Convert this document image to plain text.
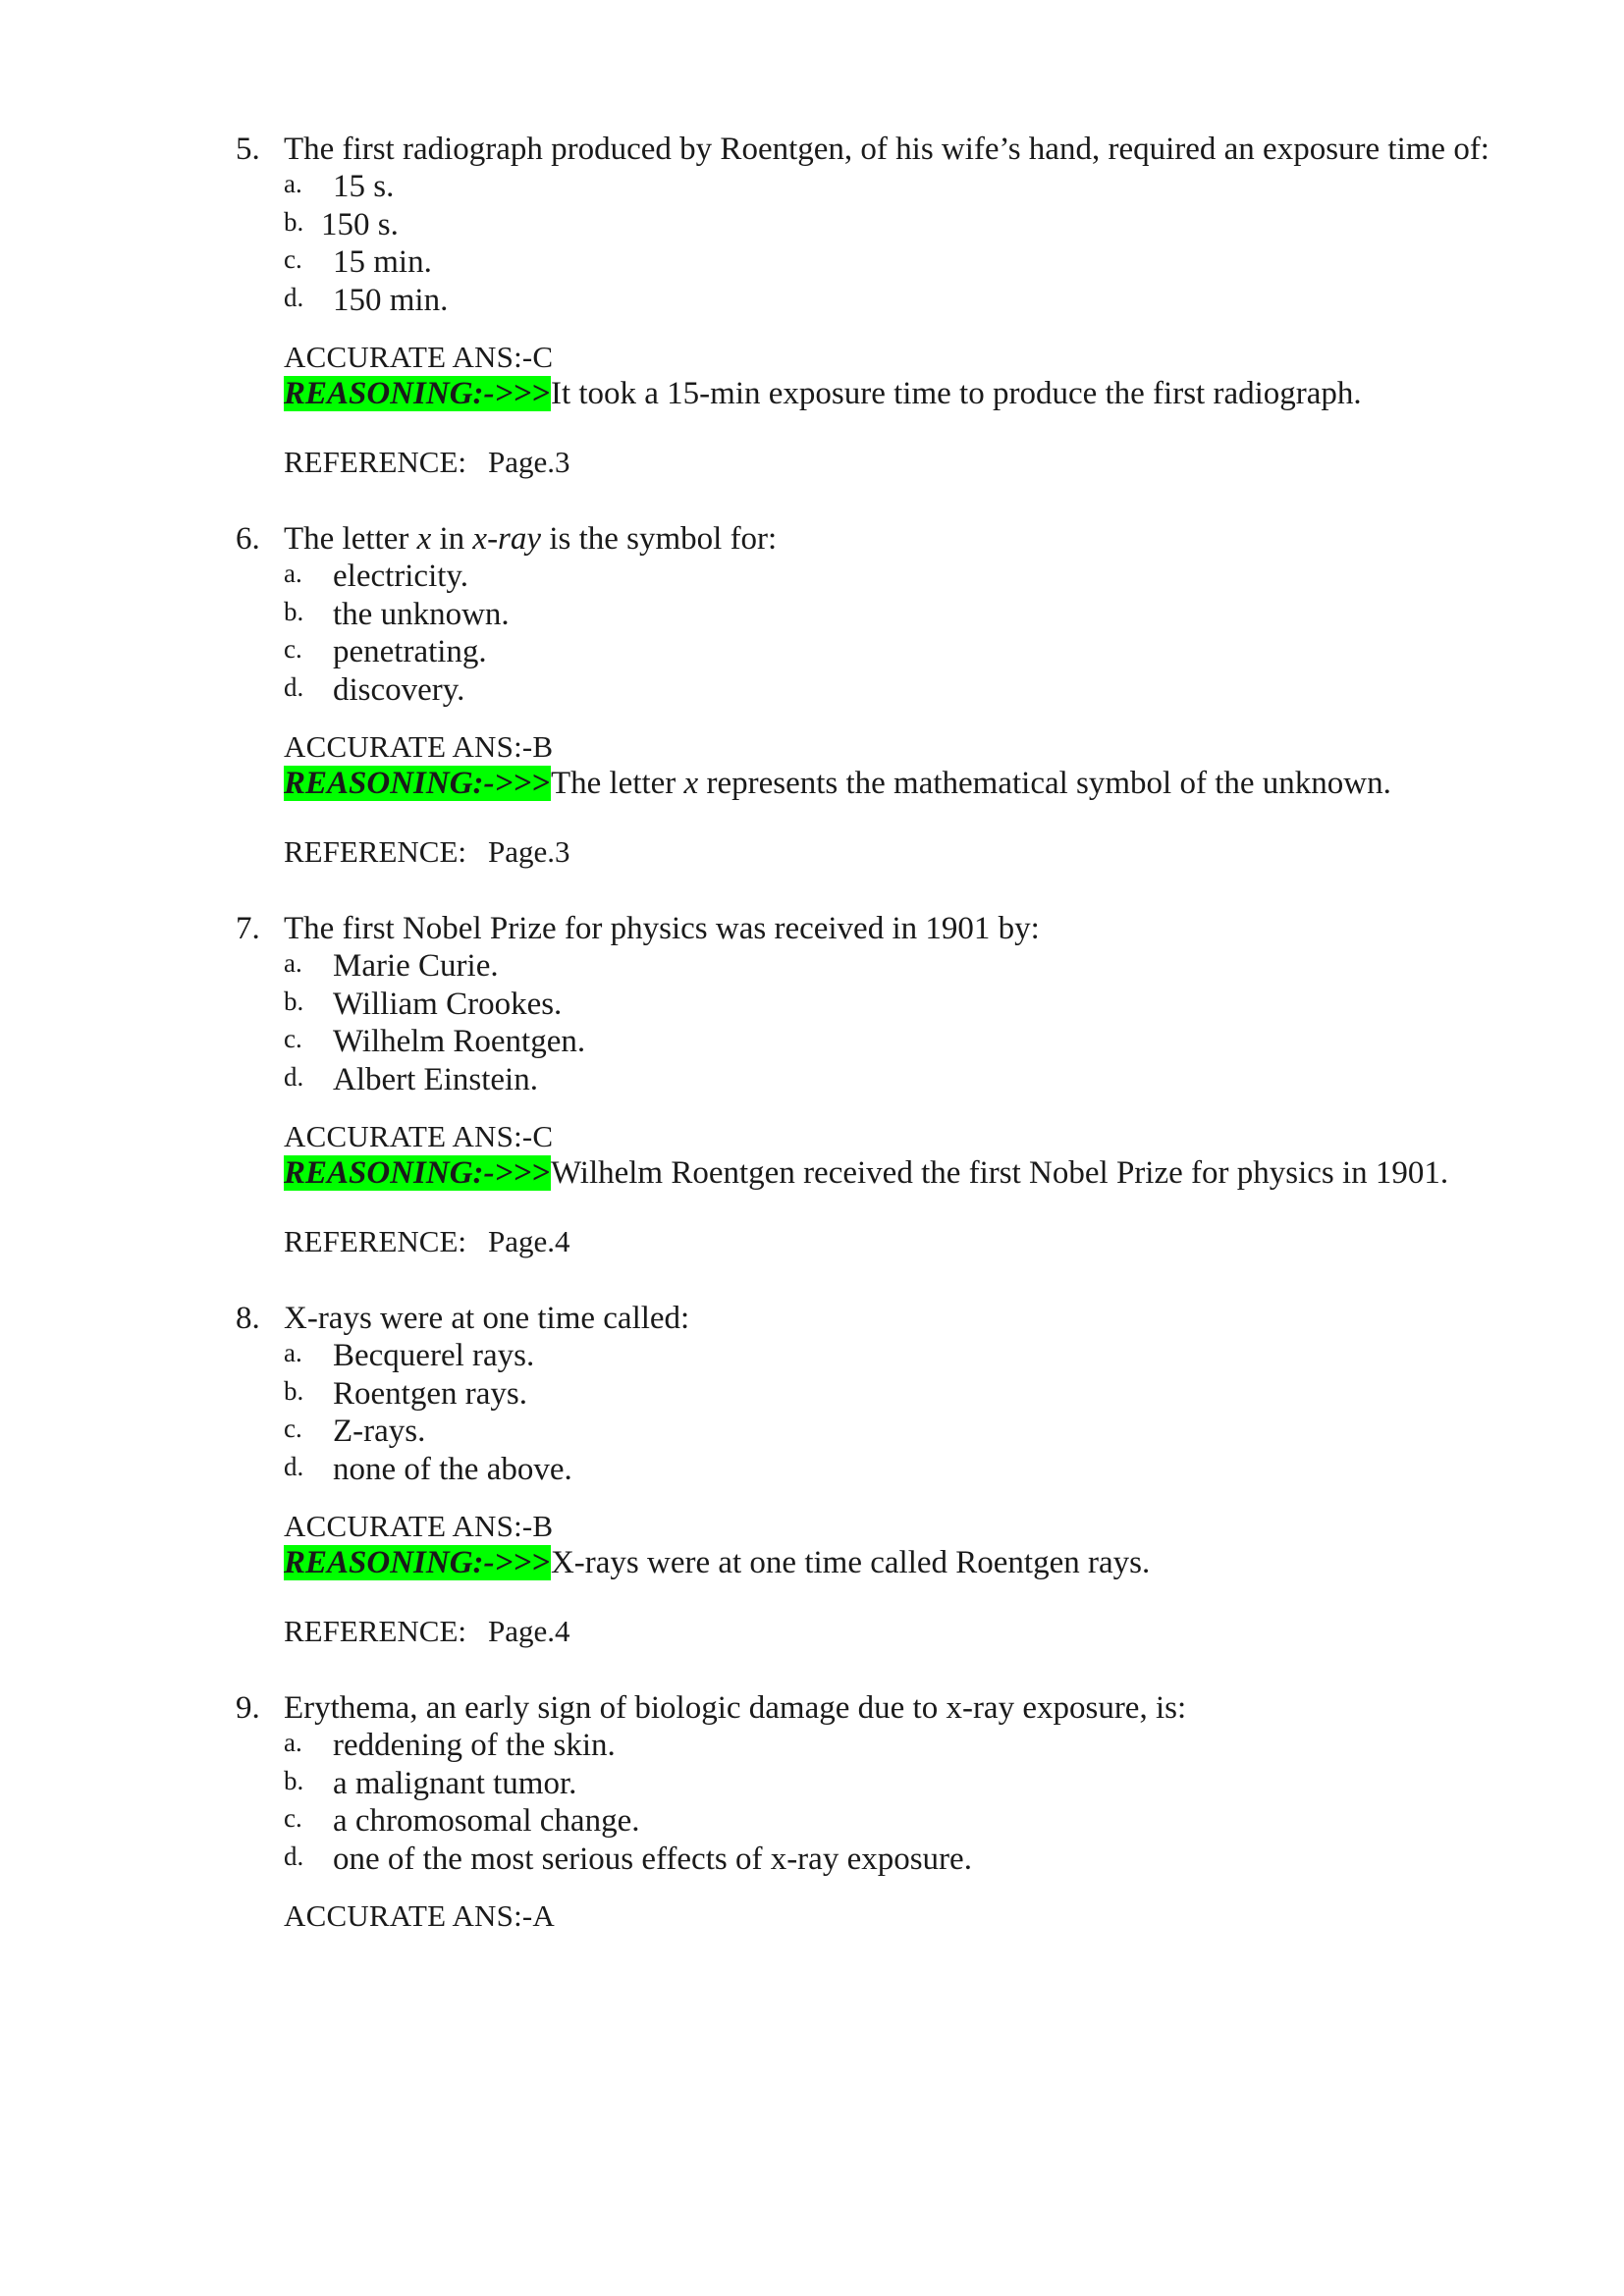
5. The first radiograph produced by Roentgen, of his wife’s hand, required an exposure time of:
a. 15 s.
b. 150 s.
c. 15 min.
d. 150 min.
ACCURATE ANS:-C
REASONING:->>>It took a 15-min exposure time to produce the first radiograph.
REFERENCE: Page.3
6. The letter x in x-ray is the symbol for:
a. electricity.
b. the unknown.
c. penetrating.
d. discovery.
ACCURATE ANS:-B
REASONING:->>>The letter x represents the mathematical symbol of the unknown.
REFERENCE: Page.3
7. The first Nobel Prize for physics was received in 1901 by:
a. Marie Curie.
b. William Crookes.
c. Wilhelm Roentgen.
d. Albert Einstein.
ACCURATE ANS:-C
REASONING:->>>Wilhelm Roentgen received the first Nobel Prize for physics in 1901.
REFERENCE: Page.4
8. X-rays were at one time called:
a. Becquerel rays.
b. Roentgen rays.
c. Z-rays.
d. none of the above.
ACCURATE ANS:-B
REASONING:->>>X-rays were at one time called Roentgen rays.
REFERENCE: Page.4
9. Erythema, an early sign of biologic damage due to x-ray exposure, is:
a. reddening of the skin.
b. a malignant tumor.
c. a chromosomal change.
d. one of the most serious effects of x-ray exposure.
ACCURATE ANS:-A
